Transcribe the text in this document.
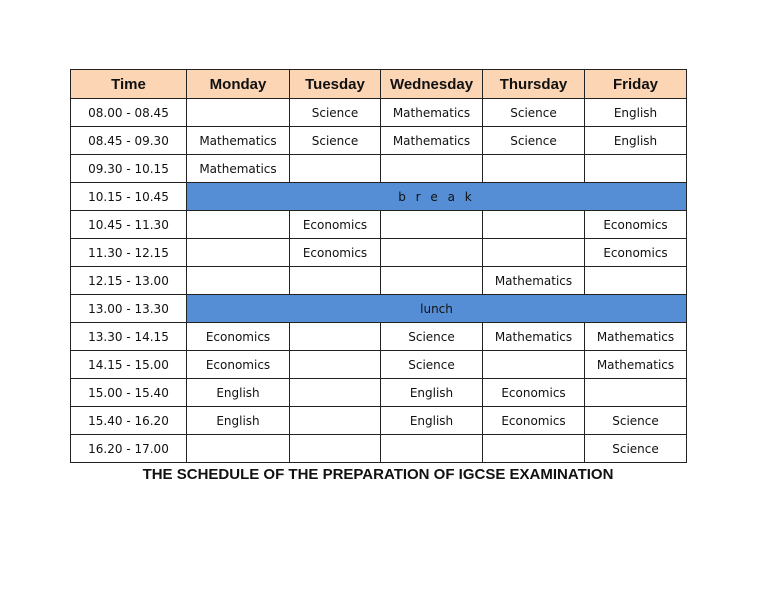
Time	Monday	Tuesday	Wednesday	Thursday	Friday
08.00 - 08.45		Science	Mathematics	Science	English
08.45 - 09.30	Mathematics	Science	Mathematics	Science	English
09.30 - 10.15	Mathematics				
10.15 - 10.45	b r e a k				
10.45 - 11.30		Economics			Economics
11.30 - 12.15		Economics			Economics
12.15 - 13.00				Mathematics	
13.00 - 13.30	lunch				
13.30 - 14.15	Economics		Science	Mathematics	Mathematics
14.15 - 15.00	Economics		Science		Mathematics
15.00 - 15.40	English		English	Economics	
15.40 - 16.20	English		English	Economics	Science
16.20 - 17.00					Science
THE SCHEDULE OF THE PREPARATION OF IGCSE EXAMINATION
